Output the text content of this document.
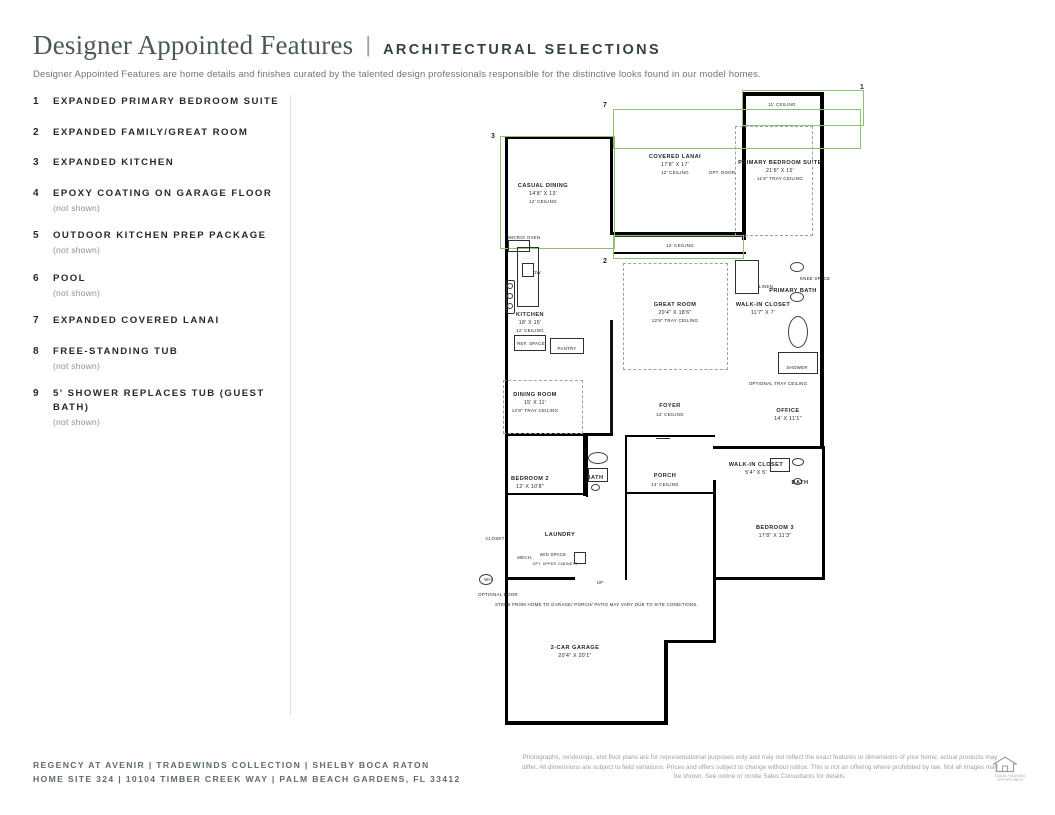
Designer Appointed Features | ARCHITECTURAL SELECTIONS
Designer Appointed Features are home details and finishes curated by the talented design professionals responsible for the distinctive looks found in our model homes.
1	EXPANDED PRIMARY BEDROOM SUITE
2	EXPANDED FAMILY/GREAT ROOM
3	EXPANDED KITCHEN
4	EPOXY COATING ON GARAGE FLOOR
(not shown)
5	OUTDOOR KITCHEN PREP PACKAGE
(not shown)
6	POOL
(not shown)
7	EXPANDED COVERED LANAI
8	FREE-STANDING TUB
(not shown)
9	5' SHOWER REPLACES TUB (GUEST BATH)
(not shown)
1
7
3
2
11' CEILING
PRIMARY BEDROOM SUITE
21'8" X 15'
11'8" TRAY CEILING
COVERED LANAI
17'8" X 17'
12' CEILING	OPT. DOOR
CASUAL DINING
14'8" X 13'
12' CEILING
12' CEILING
MICRO/ OVEN
DW
REF. SPACE
PANTRY
KITCHEN
18' X 15'
12' CEILING
GREAT ROOM
20'4" X 18'6"
12'8" TRAY CEILING
LINEN
KNEE SPACE
PRIMARY BATH
WALK-IN CLOSET
11'7" X 7'
SHOWER
OPTIONAL TRAY CEILING
OFFICE
14' X 11'1"
DINING ROOM
15' X 11'
12'8" TRAY CEILING
FOYER
12' CEILING
BEDROOM 2
12' X 10'8"
BATH	PORCH
14' CEILING
WALK-IN CLOSET
5'4" X 5'
BATH
BEDROOM 3
17'8" X 11'3"
CLOSET
LAUNDRY
MECH.
W/D SPACE
OPT. UPPER CABINETS
WH
OPTIONAL DOOR
UP
STEPS FROM HOME TO GARAGE/ PORCH/ PATIO MAY VARY DUE TO SITE CONDITIONS.
2-CAR GARAGE
20'4" X 20'1"
REGENCY AT AVENIR | TRADEWINDS COLLECTION | SHELBY BOCA RATON
HOME SITE 324 | 10104 TIMBER CREEK WAY | PALM BEACH GARDENS, FL 33412
Photographs, renderings, and floor plans are for representational purposes only and may not reflect the exact features or dimensions of your home; actual products may differ. All dimensions are subject to field variations. Prices and offers subject to change without notice. This is not an offering where prohibited by law. Not all images may be shown. See online or onsite Sales Consultants for details.	EQUAL HOUSING OPPORTUNITY
